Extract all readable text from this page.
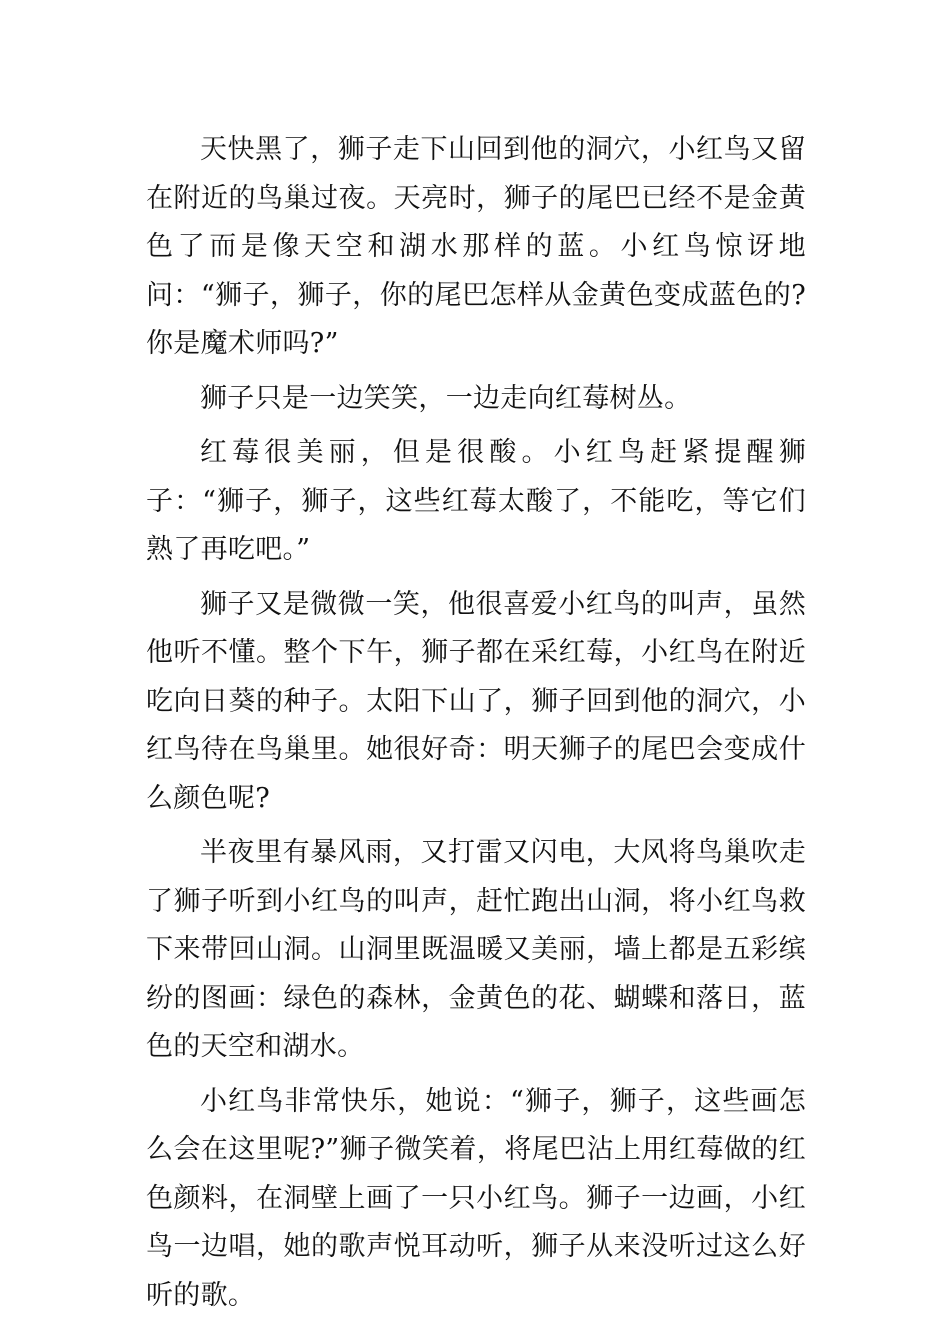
天快黑了，狮子走下山回到他的洞穴，小红鸟又留在附近的鸟巢过夜。天亮时，狮子的尾巴已经不是金黄色了而是像天空和湖水那样的蓝。小红鸟惊讶地问：“狮子，狮子，你的尾巴怎样从金黄色变成蓝色的?你是魔术师吗?”

狮子只是一边笑笑，一边走向红莓树丛。

红莓很美丽，但是很酸。小红鸟赶紧提醒狮子：“狮子，狮子，这些红莓太酸了，不能吃，等它们熟了再吃吧。”

狮子又是微微一笑，他很喜爱小红鸟的叫声，虽然他听不懂。整个下午，狮子都在采红莓，小红鸟在附近吃向日葵的种子。太阳下山了，狮子回到他的洞穴，小红鸟待在鸟巢里。她很好奇：明天狮子的尾巴会变成什么颜色呢?

半夜里有暴风雨，又打雷又闪电，大风将鸟巢吹走了狮子听到小红鸟的叫声，赶忙跑出山洞，将小红鸟救下来带回山洞。山洞里既温暖又美丽，墙上都是五彩缤纷的图画：绿色的森林，金黄色的花、蝴蝶和落日，蓝色的天空和湖水。

小红鸟非常快乐，她说：“狮子，狮子，这些画怎么会在这里呢?”狮子微笑着，将尾巴沾上用红莓做的红色颜料，在洞壁上画了一只小红鸟。狮子一边画，小红鸟一边唱，她的歌声悦耳动听，狮子从来没听过这么好听的歌。
